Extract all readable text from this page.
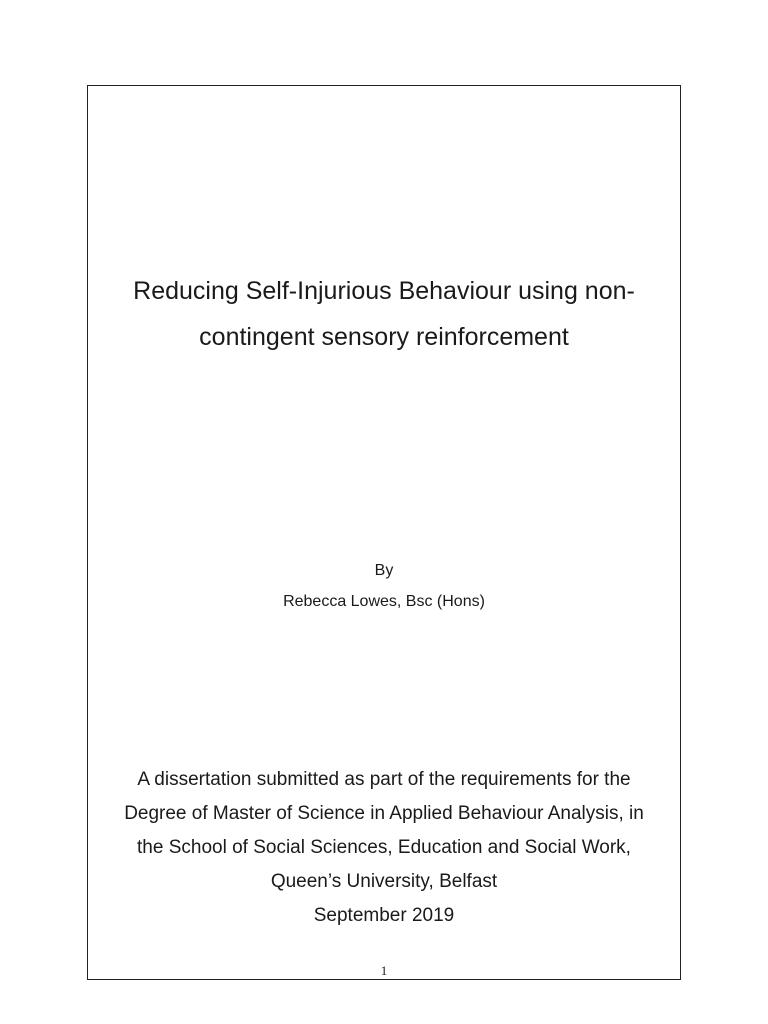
Reducing Self-Injurious Behaviour using non-
contingent sensory reinforcement
By
Rebecca Lowes, Bsc (Hons)
A dissertation submitted as part of the requirements for the
Degree of Master of Science in Applied Behaviour Analysis, in
the School of Social Sciences, Education and Social Work,
Queen’s University, Belfast
September 2019
1
